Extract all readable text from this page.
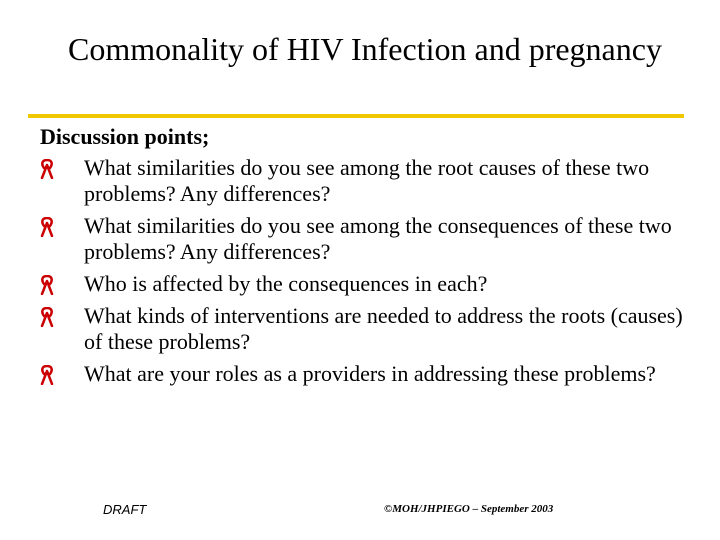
Commonality of HIV Infection and pregnancy
Discussion points;
What similarities do you see among the root causes of these two problems? Any differences?
What similarities do you see among the consequences of these two problems? Any differences?
Who is affected by the consequences in each?
What kinds of interventions are needed to address the roots (causes) of these problems?
What are your roles as a providers in addressing these problems?
DRAFT	©MOH/JHPIEGO – September 2003
